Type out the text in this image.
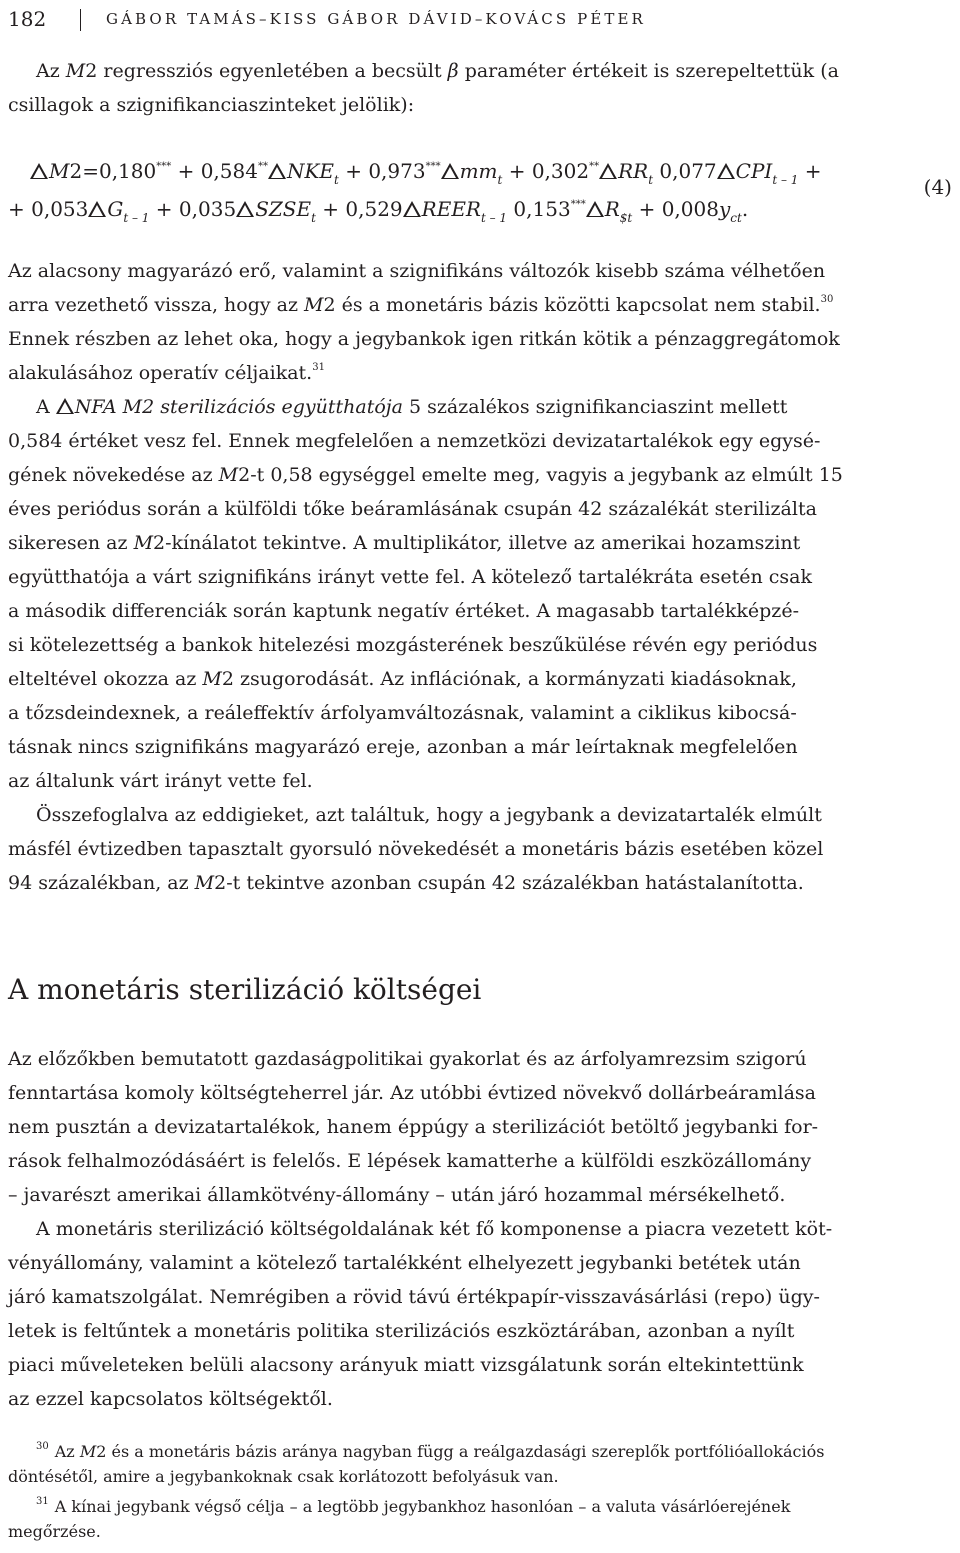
182	GÁBOR TAMÁS–KISS GÁBOR DÁVID–KOVÁCS PÉTER

Az M2 regressziós egyenletében a becsült β paraméter értékeit is szerepeltettük (a
csillagok a szignifikanciaszinteket jelölik):

M2=0,180*** + 0,584** $NKE_t + 0,973^{***}$ $mm_t + 0,302^{**}$ $RR_t$ 0,077 $CPI_{t - 1}$ +
+ 0,053 $G_{t - 1} + 0,035$ $SZSE_t + 0,529$ $REER_{t - 1}$ 0,153*** $R_{\$t} + 0,008y_{ct}$.
(4)

Az alacsony magyarázó erő, valamint a szignifikáns változók kisebb száma vélhetően
arra vezethető vissza, hogy az M2 és a monetáris bázis közötti kapcsolat nem stabil.$^{30}$
Ennek részben az lehet oka, hogy a jegybankok igen ritkán kötik a pénzaggregátomok
alakulásához operatív céljaikat.$^{31}$

A NFA M2 sterilizációs együtthatója 5 százalékos szignifikanciaszint mellett
0,584 értéket vesz fel. Ennek megfelelően a nemzetközi devizatartalékok egy egysé-
gének növekedése az M2-t 0,58 egységgel emelte meg, vagyis a jegybank az elmúlt 15
éves periódus során a külföldi tőke beáramlásának csupán 42 százalékát sterilizálta
sikeresen az M2-kínálatot tekintve. A multiplikátor, illetve az amerikai hozamszint
együtthatója a várt szignifikáns irányt vette fel. A kötelező tartalékráta esetén csak
a második differenciák során kaptunk negatív értéket. A magasabb tartalékképzé-
si kötelezettség a bankok hitelezési mozgásterének beszűkülése révén egy periódus
elteltével okozza az M2 zsugorodását. Az inflációnak, a kormányzati kiadásoknak,
a tőzsdeindexnek, a reáleffektív árfolyamváltozásnak, valamint a ciklikus kibocsá-
tásnak nincs szignifikáns magyarázó ereje, azonban a már leírtaknak megfelelően
az általunk várt irányt vette fel.

Összefoglalva az eddigieket, azt találtuk, hogy a jegybank a devizatartalék elmúlt
másfél évtizedben tapasztalt gyorsuló növekedését a monetáris bázis esetében közel
94 százalékban, az M2-t tekintve azonban csupán 42 százalékban hatástalanította.

A monetáris sterilizáció költségei

Az előzőkben bemutatott gazdaságpolitikai gyakorlat és az árfolyamrezsim szigorú
fenntartása komoly költségteherrel jár. Az utóbbi évtized növekvő dollárbeáramlása
nem pusztán a devizatartalékok, hanem éppúgy a sterilizációt betöltő jegybanki for-
rások felhalmozódásáért is felelős. E lépések kamatterhe a külföldi eszközállomány
– javarészt amerikai államkötvény-állomány – után járó hozammal mérsékelhető.

A monetáris sterilizáció költségoldalának két fő komponense a piacra vezetett köt-
vényállomány, valamint a kötelező tartalékként elhelyezett jegybanki betétek után
járó kamatszolgálat. Nemrégiben a rövid távú értékpapír-visszavásárlási (repo) ügy-
letek is feltűntek a monetáris politika sterilizációs eszköztárában, azonban a nyílt
piaci műveleteken belüli alacsony arányuk miatt vizsgálatunk során eltekintettünk
az ezzel kapcsolatos költségektől.

$^{30}$ Az M2 és a monetáris bázis aránya nagyban függ a reálgazdasági szereplők portfólióallokációs
döntésétől, amire a jegybankoknak csak korlátozott befolyásuk van.

$^{31}$ A kínai jegybank végső célja – a legtöbb jegybankhoz hasonlóan – a valuta vásárlóerejének
megőrzése.
